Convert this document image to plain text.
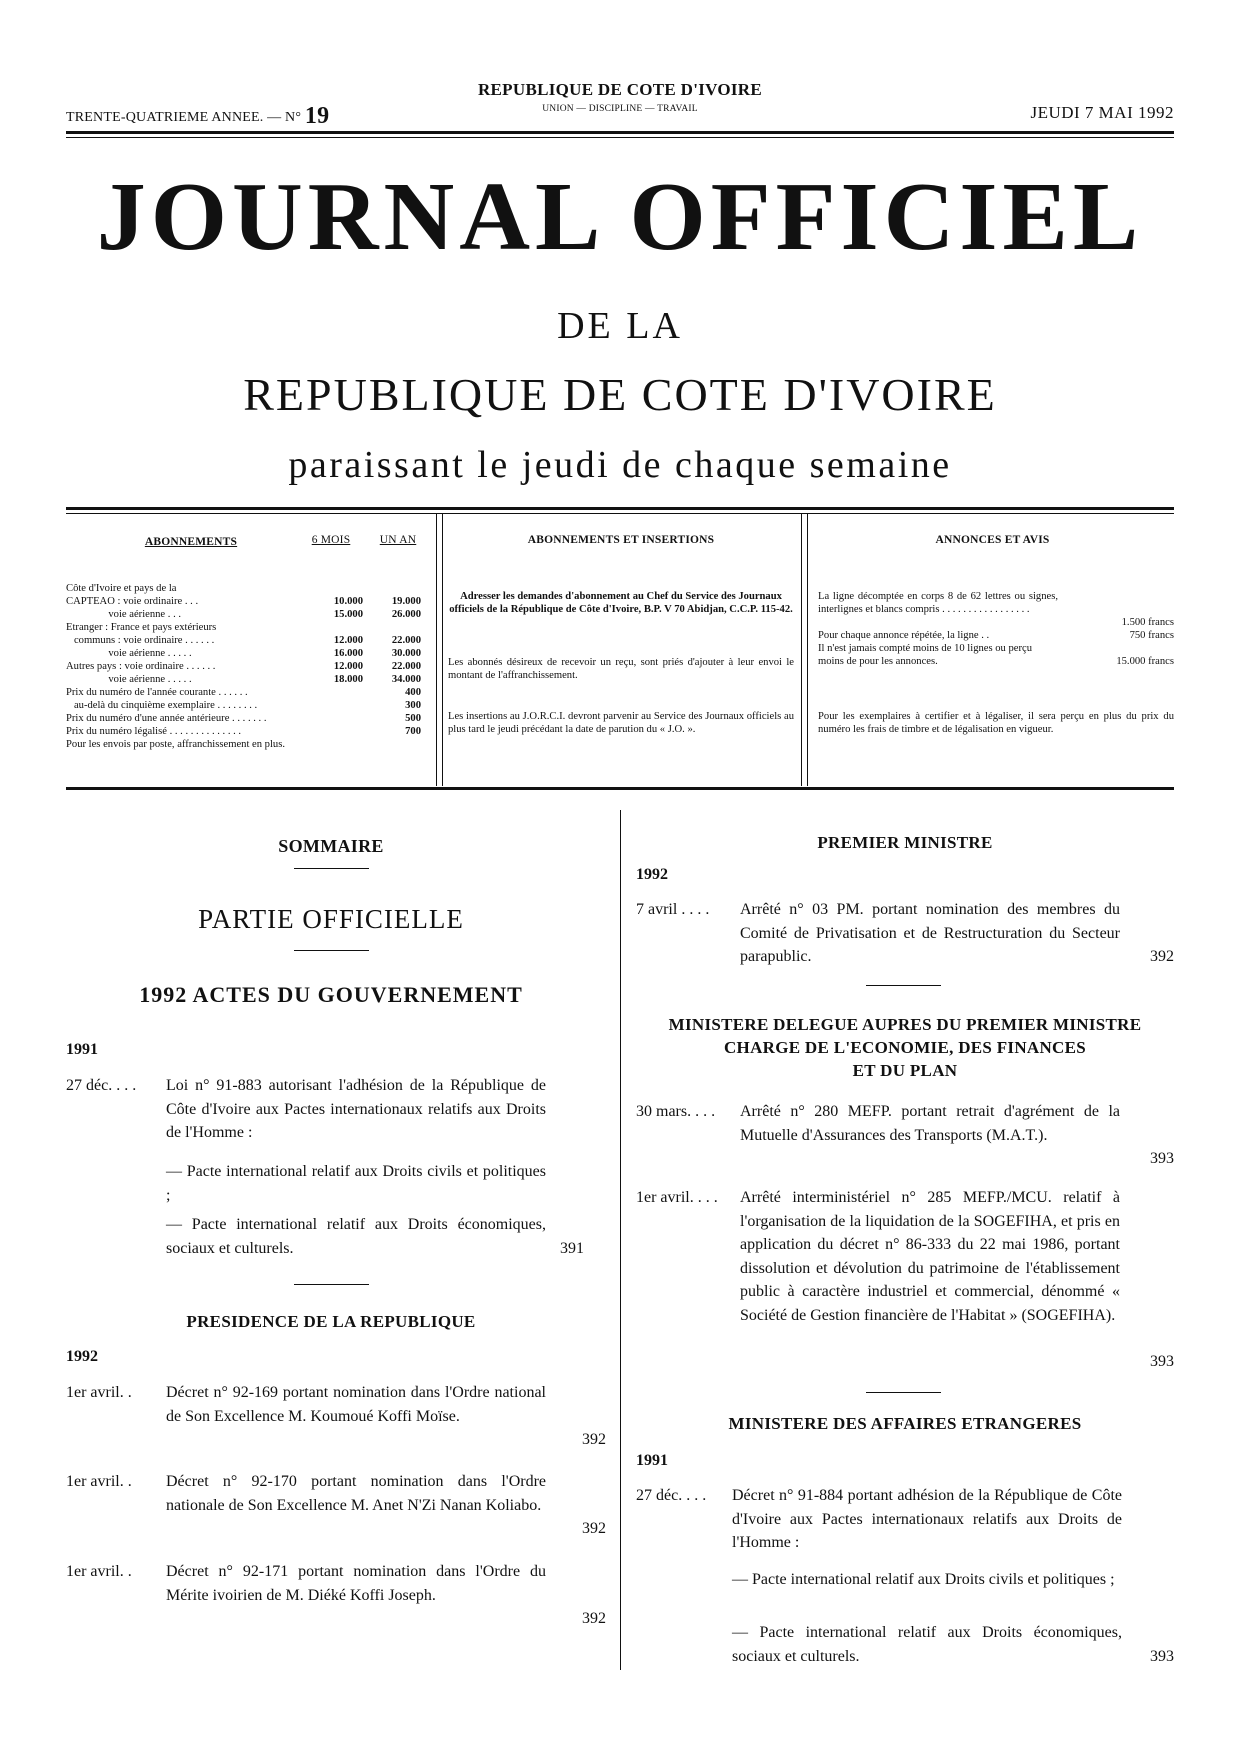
TRENTE-QUATRIEME ANNEE. — N° 19
REPUBLIQUE DE COTE D'IVOIRE
UNION — DISCIPLINE — TRAVAIL	JEUDI 7 MAI 1992
JOURNAL OFFICIEL
DE LA
REPUBLIQUE DE COTE D'IVOIRE
paraissant le jeudi de chaque semaine
ABONNEMENTS	6 MOIS	UN AN
Côte d'Ivoire et pays de la
CAPTEAO : voie ordinaire . . .	10.000	19.000
voie aérienne . . .	15.000	26.000
Etranger : France et pays extérieurs
communs : voie ordinaire . . . . . .	12.000	22.000
voie aérienne . . . . .	16.000	30.000
Autres pays : voie ordinaire . . . . . .	12.000	22.000
voie aérienne . . . . .	18.000	34.000
Prix du numéro de l'année courante . . . . . .	400
au-delà du cinquième exemplaire . . . . . . . .	300
Prix du numéro d'une année antérieure . . . . . . .	500
Prix du numéro légalisé . . . . . . . . . . . . . .	700
Pour les envois par poste, affranchissement en plus.
ABONNEMENTS ET INSERTIONS
Adresser les demandes d'abonnement au Chef du Service des Journaux officiels de la République de Côte d'Ivoire, B.P. V 70 Abidjan, C.C.P. 115-42.
Les abonnés désireux de recevoir un reçu, sont priés d'ajouter à leur envoi le montant de l'affranchissement.
Les insertions au J.O.R.C.I. devront parvenir au Service des Journaux officiels au plus tard le jeudi précédant la date de parution du « J.O. ».
ANNONCES ET AVIS
La ligne décomptée en corps 8 de 62 lettres ou signes, interlignes et blancs compris . . . . . . . . . . . . . . . . .
1.500 francs
Pour chaque annonce répétée, la ligne . .	750 francs
Il n'est jamais compté moins de 10 lignes ou perçu moins de pour les annonces.	15.000 francs
Pour les exemplaires à certifier et à légaliser, il sera perçu en plus du prix du numéro les frais de timbre et de légalisation en vigueur.
SOMMAIRE
PARTIE OFFICIELLE
1992 ACTES DU GOUVERNEMENT
1991
27 déc. . . . Loi n° 91-883 autorisant l'adhésion de la République de Côte d'Ivoire aux Pactes internationaux relatifs aux Droits de l'Homme :
— Pacte international relatif aux Droits civils et politiques ;
— Pacte international relatif aux Droits économiques, sociaux et culturels.	391
PRESIDENCE DE LA REPUBLIQUE
1992
1er avril. . Décret n° 92-169 portant nomination dans l'Ordre national de Son Excellence M. Koumoué Koffi Moïse.
392
1er avril. . Décret n° 92-170 portant nomination dans l'Ordre nationale de Son Excellence M. Anet N'Zi Nanan Koliabo.
392
1er avril. . Décret n° 92-171 portant nomination dans l'Ordre du Mérite ivoirien de M. Diéké Koffi Joseph.
392
PREMIER MINISTRE
1992
7 avril . . . . Arrêté n° 03 PM. portant nomination des membres du Comité de Privatisation et de Restructuration du Secteur parapublic.	392
MINISTERE DELEGUE AUPRES DU PREMIER MINISTRE
CHARGE DE L'ECONOMIE, DES FINANCES
ET DU PLAN
30 mars. . . . Arrêté n° 280 MEFP. portant retrait d'agrément de la Mutuelle d'Assurances des Transports (M.A.T.).
393
1er avril. . . . Arrêté interministériel n° 285 MEFP./MCU. relatif à l'organisation de la liquidation de la SOGEFIHA, et pris en application du décret n° 86-333 du 22 mai 1986, portant dissolution et dévolution du patrimoine de l'établissement public à caractère industriel et commercial, dénommé « Société de Gestion financière de l'Habitat » (SOGEFIHA).
393
MINISTERE DES AFFAIRES ETRANGERES
1991
27 déc. . . . Décret n° 91-884 portant adhésion de la République de Côte d'Ivoire aux Pactes internationaux relatifs aux Droits de l'Homme :
— Pacte international relatif aux Droits civils et politiques ;
— Pacte international relatif aux Droits économiques, sociaux et culturels.	393
